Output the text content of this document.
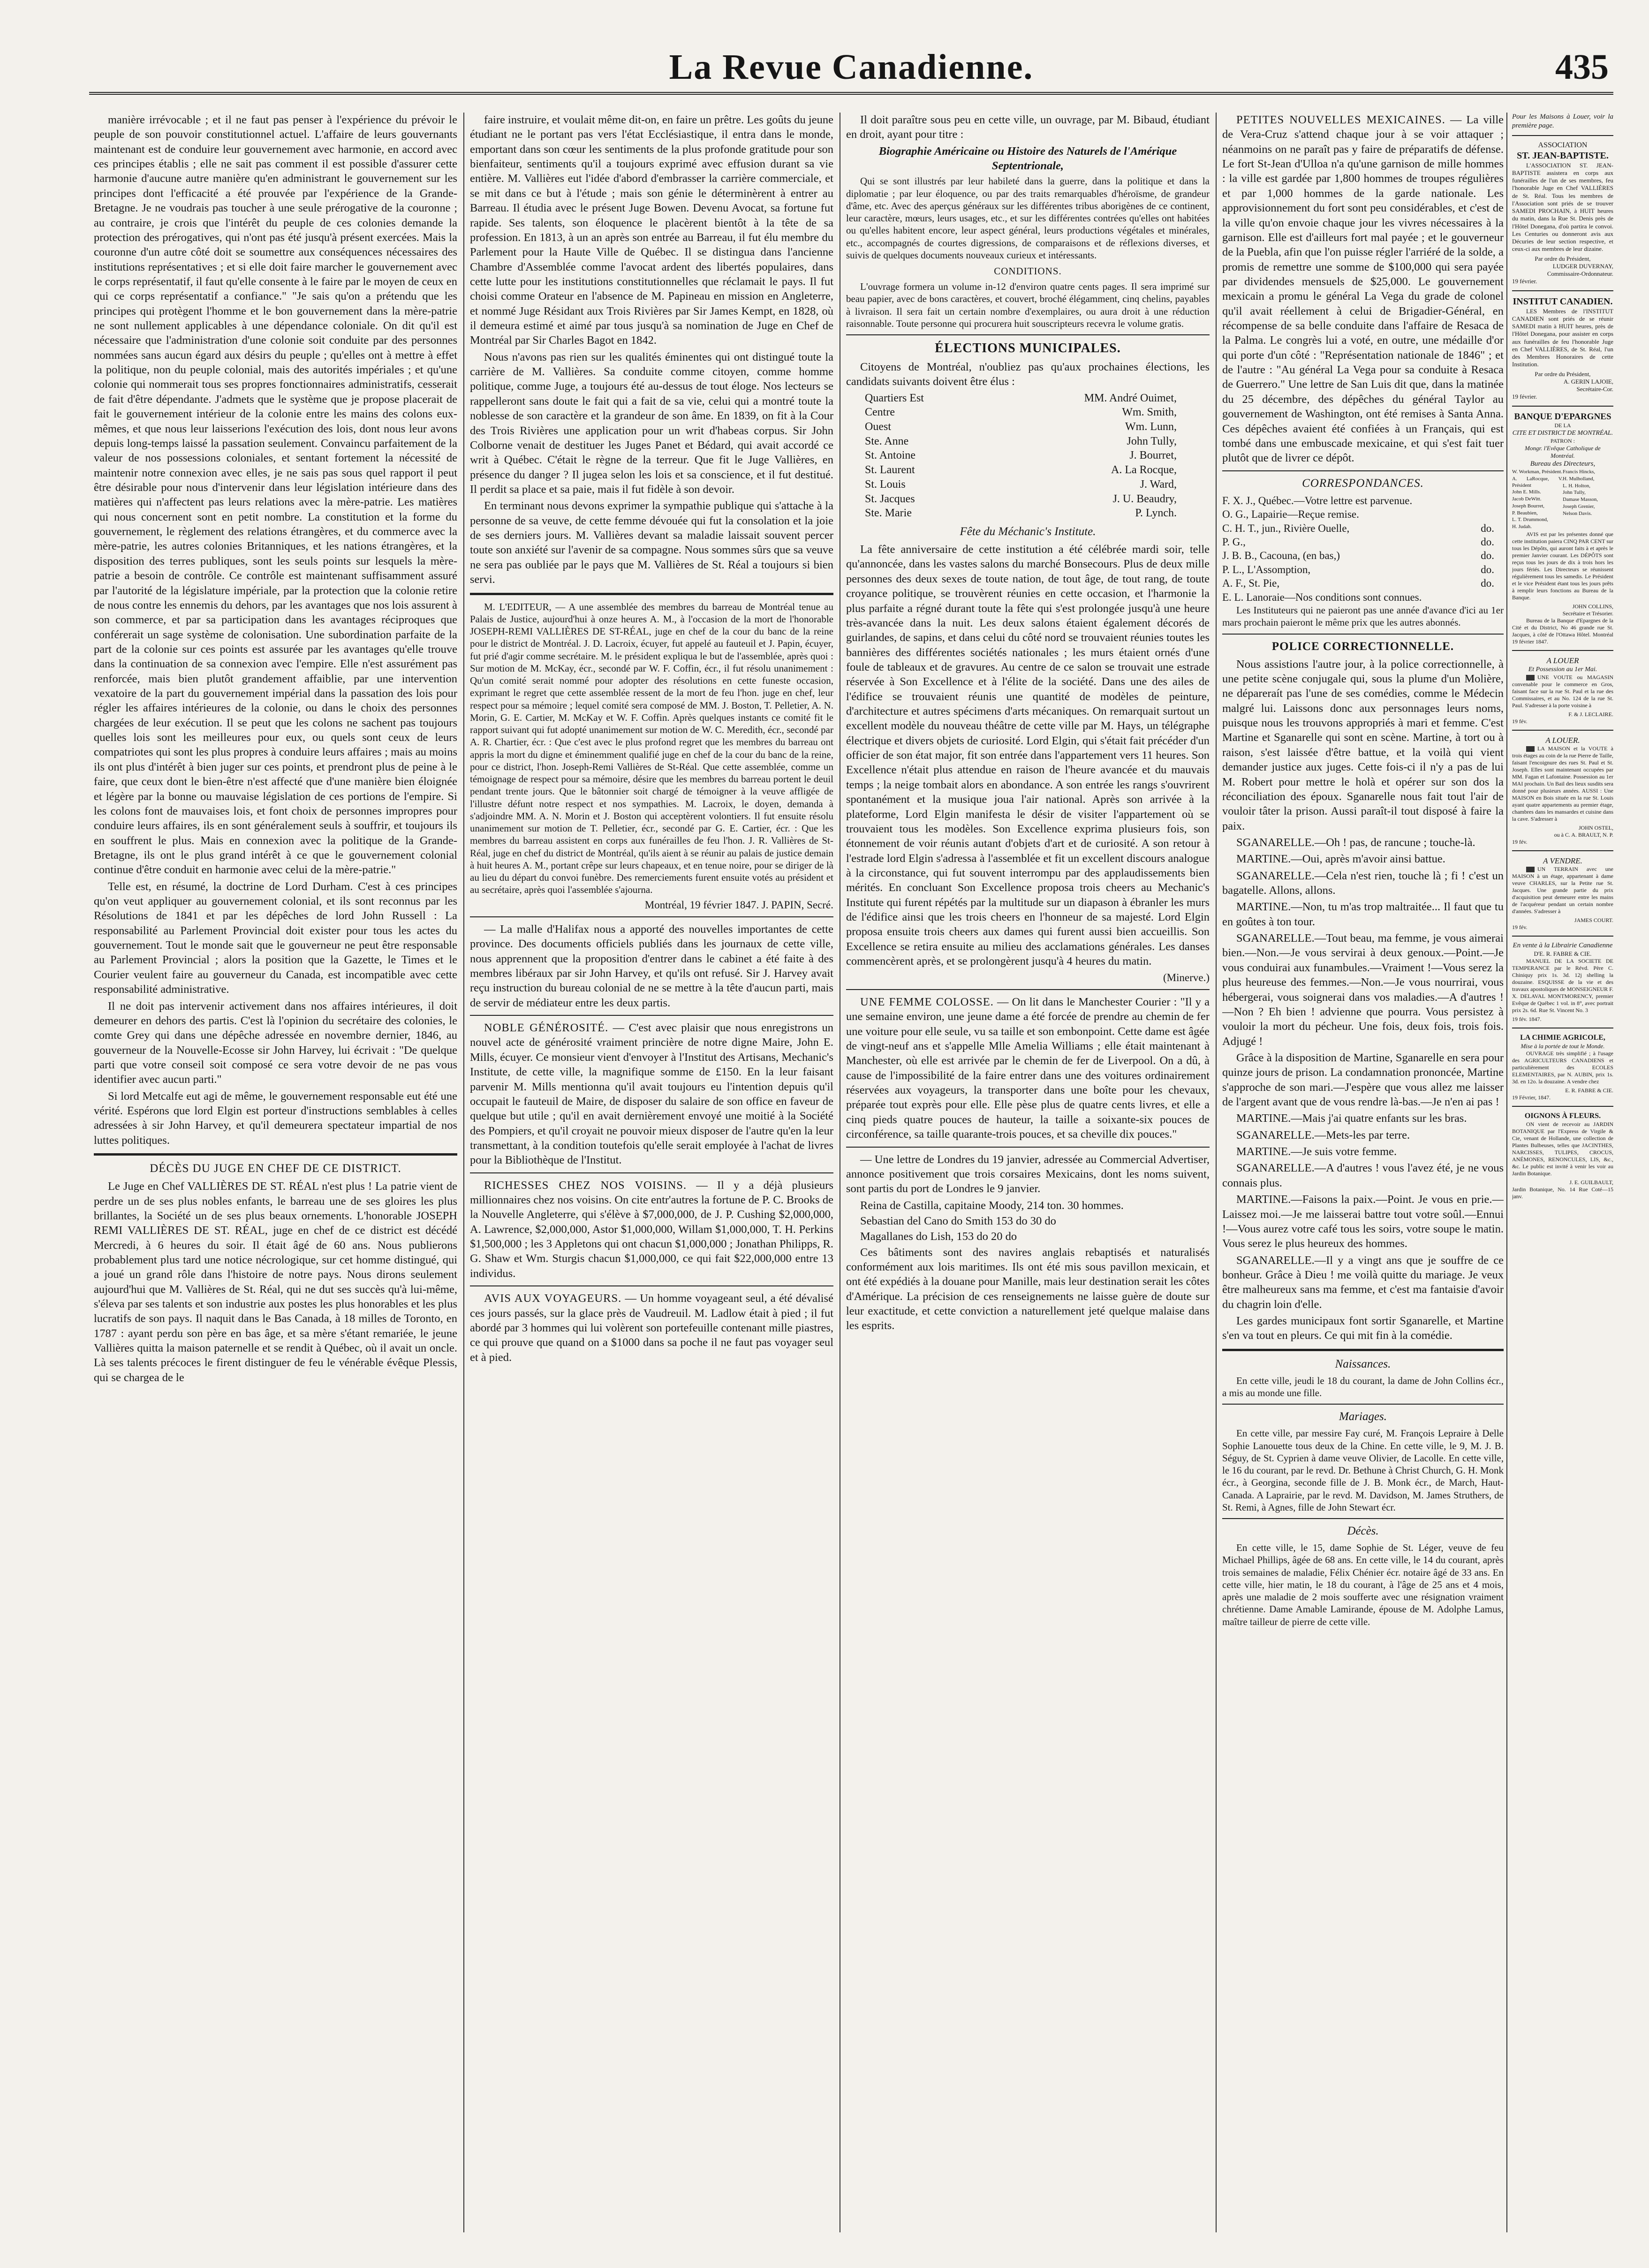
La Revue Canadienne.	435

manière irrévocable ; et il ne faut pas penser à l'expérience du prévoir le peuple de son pouvoir constitutionnel actuel. L'affaire de leurs gouvernants maintenant est de conduire leur gouvernement avec harmonie, en accord avec ces principes établis ; elle ne sait pas comment il est possible d'assurer cette harmonie d'aucune autre manière qu'en administrant le gouvernement sur les principes dont l'efficacité a été prouvée par l'expérience de la Grande-Bretagne. Je ne voudrais pas toucher à une seule prérogative de la couronne ; au contraire, je crois que l'intérêt du peuple de ces colonies demande la protection des prérogatives, qui n'ont pas été jusqu'à présent exercées. Mais la couronne d'un autre côté doit se soumettre aux conséquences nécessaires des institutions représentatives ; et si elle doit faire marcher le gouvernement avec le corps représentatif, il faut qu'elle consente à le faire par le moyen de ceux en qui ce corps représentatif a confiance." "Je sais qu'on a prétendu que les principes qui protègent l'homme et le bon gouvernement dans la mère-patrie ne sont nullement applicables à une dépendance coloniale. On dit qu'il est nécessaire que l'administration d'une colonie soit conduite par des personnes nommées sans aucun égard aux désirs du peuple ; qu'elles ont à mettre à effet la politique, non du peuple colonial, mais des autorités impériales ; et qu'une colonie qui nommerait tous ses propres fonctionnaires administratifs, cesserait de fait d'être dépendante. J'admets que le système que je propose placerait de fait le gouvernement intérieur de la colonie entre les mains des colons eux-mêmes, et que nous leur laisserions l'exécution des lois, dont nous leur avons depuis long-temps laissé la passation seulement. Convaincu parfaitement de la valeur de nos possessions coloniales, et sentant fortement la nécessité de maintenir notre connexion avec elles, je ne sais pas sous quel rapport il peut être désirable pour nous d'intervenir dans leur législation intérieure dans des matières qui n'affectent pas leurs relations avec la mère-patrie. Les matières qui nous concernent sont en petit nombre. La constitution et la forme du gouvernement, le règlement des relations étrangères, et du commerce avec la mère-patrie, les autres colonies Britanniques, et les nations étrangères, et la disposition des terres publiques, sont les seuls points sur lesquels la mère-patrie a besoin de contrôle. Ce contrôle est maintenant suffisamment assuré par l'autorité de la législature impériale, par la protection que la colonie retire de nous contre les ennemis du dehors, par les avantages que nos lois assurent à son commerce, et par sa participation dans les avantages réciproques que conférerait un sage système de colonisation. Une subordination parfaite de la part de la colonie sur ces points est assurée par les avantages qu'elle trouve dans la continuation de sa connexion avec l'empire. Elle n'est assurément pas renforcée, mais bien plutôt grandement affaiblie, par une intervention vexatoire de la part du gouvernement impérial dans la passation des lois pour régler les affaires intérieures de la colonie, ou dans le choix des personnes chargées de leur exécution. Il se peut que les colons ne sachent pas toujours quelles lois sont les meilleures pour eux, ou quels sont ceux de leurs compatriotes qui sont les plus propres à conduire leurs affaires ; mais au moins ils ont plus d'intérêt à bien juger sur ces points, et prendront plus de peine à le faire, que ceux dont le bien-être n'est affecté que d'une manière bien éloignée et légère par la bonne ou mauvaise législation de ces portions de l'empire. Si les colons font de mauvaises lois, et font choix de personnes impropres pour conduire leurs affaires, ils en sont généralement seuls à souffrir, et toujours ils en souffrent le plus. Mais en connexion avec la politique de la Grande-Bretagne, ils ont le plus grand intérêt à ce que le gouvernement colonial continue d'être conduit en harmonie avec celui de la mère-patrie."

Telle est, en résumé, la doctrine de Lord Durham. C'est à ces principes qu'on veut appliquer au gouvernement colonial, et ils sont reconnus par les Résolutions de 1841 et par les dépêches de lord John Russell : La responsabilité au Parlement Provincial doit exister pour tous les actes du gouvernement. Tout le monde sait que le gouverneur ne peut être responsable au Parlement Provincial ; alors la position que la Gazette, le Times et le Courier veulent faire au gouverneur du Canada, est incompatible avec cette responsabilité administrative.

Il ne doit pas intervenir activement dans nos affaires intérieures, il doit demeurer en dehors des partis. C'est là l'opinion du secrétaire des colonies, le comte Grey qui dans une dépêche adressée en novembre dernier, 1846, au gouverneur de la Nouvelle-Ecosse sir John Harvey, lui écrivait : "De quelque parti que votre conseil soit composé ce sera votre devoir de ne pas vous identifier avec aucun parti."

Si lord Metcalfe eut agi de même, le gouvernement responsable eut été une vérité. Espérons que lord Elgin est porteur d'instructions semblables à celles adressées à sir John Harvey, et qu'il demeurera spectateur impartial de nos luttes politiques.

DÉCÈS DU JUGE EN CHEF DE CE DISTRICT.

Le Juge en Chef VALLIÈRES DE ST. RÉAL n'est plus ! La patrie vient de perdre un de ses plus nobles enfants, le barreau une de ses gloires les plus brillantes, la Société un de ses plus beaux ornements. L'honorable JOSEPH REMI VALLIÈRES DE ST. RÉAL, juge en chef de ce district est décédé Mercredi, à 6 heures du soir. Il était âgé de 60 ans. Nous publierons probablement plus tard une notice nécrologique, sur cet homme distingué, qui a joué un grand rôle dans l'histoire de notre pays. Nous dirons seulement aujourd'hui que M. Vallières de St. Réal, qui ne dut ses succès qu'à lui-même, s'éleva par ses talents et son industrie aux postes les plus honorables et les plus lucratifs de son pays. Il naquit dans le Bas Canada, à 18 milles de Toronto, en 1787 : ayant perdu son père en bas âge, et sa mère s'étant remariée, le jeune Vallières quitta la maison paternelle et se rendit à Québec, où il avait un oncle. Là ses talents précoces le firent distinguer de feu le vénérable évêque Plessis, qui se chargea de le

faire instruire, et voulait même dit-on, en faire un prêtre. Les goûts du jeune étudiant ne le portant pas vers l'état Ecclésiastique, il entra dans le monde, emportant dans son cœur les sentiments de la plus profonde gratitude pour son bienfaiteur, sentiments qu'il a toujours exprimé avec effusion durant sa vie entière. M. Vallières eut l'idée d'abord d'embrasser la carrière commerciale, et se mit dans ce but à l'étude ; mais son génie le déterminèrent à entrer au Barreau. Il étudia avec le présent Juge Bowen. Devenu Avocat, sa fortune fut rapide. Ses talents, son éloquence le placèrent bientôt à la tête de sa profession. En 1813, à un an après son entrée au Barreau, il fut élu membre du Parlement pour la Haute Ville de Québec. Il se distingua dans l'ancienne Chambre d'Assemblée comme l'avocat ardent des libertés populaires, dans cette lutte pour les institutions constitutionnelles que réclamait le pays. Il fut choisi comme Orateur en l'absence de M. Papineau en mission en Angleterre, et nommé Juge Résidant aux Trois Rivières par Sir James Kempt, en 1828, où il demeura estimé et aimé par tous jusqu'à sa nomination de Juge en Chef de Montréal par Sir Charles Bagot en 1842.

Nous n'avons pas rien sur les qualités éminentes qui ont distingué toute la carrière de M. Vallières. Sa conduite comme citoyen, comme homme politique, comme Juge, a toujours été au-dessus de tout éloge. Nos lecteurs se rappelleront sans doute le fait qui a fait de sa vie, celui qui a montré toute la noblesse de son caractère et la grandeur de son âme. En 1839, on fit à la Cour des Trois Rivières une application pour un writ d'habeas corpus. Sir John Colborne venait de destituer les Juges Panet et Bédard, qui avait accordé ce writ à Québec. C'était le règne de la terreur. Que fit le Juge Vallières, en présence du danger ? Il jugea selon les lois et sa conscience, et il fut destitué. Il perdit sa place et sa paie, mais il fut fidèle à son devoir.

En terminant nous devons exprimer la sympathie publique qui s'attache à la personne de sa veuve, de cette femme dévouée qui fut la consolation et la joie de ses derniers jours. M. Vallières devant sa maladie laissait souvent percer toute son anxiété sur l'avenir de sa compagne. Nous sommes sûrs que sa veuve ne sera pas oubliée par le pays que M. Vallières de St. Réal a toujours si bien servi.

M. L'EDITEUR, — A une assemblée des membres du barreau de Montréal tenue au Palais de Justice, aujourd'hui à onze heures A. M., à l'occasion de la mort de l'honorable JOSEPH-REMI VALLIÈRES DE ST-RÉAL, juge en chef de la cour du banc de la reine pour le district de Montréal. J. D. Lacroix, écuyer, fut appelé au fauteuil et J. Papin, écuyer, fut prié d'agir comme secrétaire. M. le président expliqua le but de l'assemblée, après quoi : Sur motion de M. McKay, écr., secondé par W. F. Coffin, écr., il fut résolu unanimement : Qu'un comité serait nommé pour adopter des résolutions en cette funeste occasion, exprimant le regret que cette assemblée ressent de la mort de feu l'hon. juge en chef, leur respect pour sa mémoire ; lequel comité sera composé de MM. J. Boston, T. Pelletier, A. N. Morin, G. E. Cartier, M. McKay et W. F. Coffin. Après quelques instants ce comité fit le rapport suivant qui fut adopté unanimement sur motion de W. C. Meredith, écr., secondé par A. R. Chartier, écr. : Que c'est avec le plus profond regret que les membres du barreau ont appris la mort du digne et éminemment qualifié juge en chef de la cour du banc de la reine, pour ce district, l'hon. Joseph-Remi Vallières de St-Réal. Que cette assemblée, comme un témoignage de respect pour sa mémoire, désire que les membres du barreau portent le deuil pendant trente jours. Que le bâtonnier soit chargé de témoigner à la veuve affligée de l'illustre défunt notre respect et nos sympathies. M. Lacroix, le doyen, demanda à s'adjoindre MM. A. N. Morin et J. Boston qui acceptèrent volontiers. Il fut ensuite résolu unanimement sur motion de T. Pelletier, écr., secondé par G. E. Cartier, écr. : Que les membres du barreau assistent en corps aux funérailles de feu l'hon. J. R. Vallières de St-Réal, juge en chef du district de Montréal, qu'ils aient à se réunir au palais de justice demain à huit heures A. M., portant crêpe sur leurs chapeaux, et en tenue noire, pour se diriger de là au lieu du départ du convoi funèbre. Des remerciements furent ensuite votés au président et au secrétaire, après quoi l'assemblée s'ajourna.

Montréal, 19 février 1847. J. PAPIN, Secré.

— La malle d'Halifax nous a apporté des nouvelles importantes de cette province. Des documents officiels publiés dans les journaux de cette ville, nous apprennent que la proposition d'entrer dans le cabinet a été faite à des membres libéraux par sir John Harvey, et qu'ils ont refusé. Sir J. Harvey avait reçu instruction du bureau colonial de ne se mettre à la tête d'aucun parti, mais de servir de médiateur entre les deux partis.

NOBLE GÉNÉROSITÉ. — C'est avec plaisir que nous enregistrons un nouvel acte de générosité vraiment princière de notre digne Maire, John E. Mills, écuyer. Ce monsieur vient d'envoyer à l'Institut des Artisans, Mechanic's Institute, de cette ville, la magnifique somme de £150. En la leur faisant parvenir M. Mills mentionna qu'il avait toujours eu l'intention depuis qu'il occupait le fauteuil de Maire, de disposer du salaire de son office en faveur de quelque but utile ; qu'il en avait dernièrement envoyé une moitié à la Société des Pompiers, et qu'il croyait ne pouvoir mieux disposer de l'autre qu'en la leur transmettant, à la condition toutefois qu'elle serait employée à l'achat de livres pour la Bibliothèque de l'Institut.

RICHESSES CHEZ NOS VOISINS. — Il y a déjà plusieurs millionnaires chez nos voisins. On cite entr'autres la fortune de P. C. Brooks de la Nouvelle Angleterre, qui s'élève à $7,000,000, de J. P. Cushing $2,000,000, A. Lawrence, $2,000,000, Astor $1,000,000, Willam $1,000,000, T. H. Perkins $1,500,000 ; les 3 Appletons qui ont chacun $1,000,000 ; Jonathan Philipps, R. G. Shaw et Wm. Sturgis chacun $1,000,000, ce qui fait $22,000,000 entre 13 individus.

AVIS AUX VOYAGEURS. — Un homme voyageant seul, a été dévalisé ces jours passés, sur la glace près de Vaudreuil. M. Ladlow était à pied ; il fut abordé par 3 hommes qui lui volèrent son portefeuille contenant mille piastres, ce qui prouve que quand on a $1000 dans sa poche il ne faut pas voyager seul et à pied.

Il doit paraître sous peu en cette ville, un ouvrage, par M. Bibaud, étudiant en droit, ayant pour titre :

Biographie Américaine ou Histoire des Naturels de l'Amérique Septentrionale,

Qui se sont illustrés par leur habileté dans la guerre, dans la politique et dans la diplomatie ; par leur éloquence, ou par des traits remarquables d'héroïsme, de grandeur d'âme, etc. Avec des aperçus généraux sur les différentes tribus aborigènes de ce continent, leur caractère, mœurs, leurs usages, etc., et sur les différentes contrées qu'elles ont habitées ou qu'elles habitent encore, leur aspect général, leurs productions végétales et minérales, etc., accompagnés de courtes digressions, de comparaisons et de réflexions diverses, et suivis de quelques documents nouveaux curieux et intéressants.

CONDITIONS.

L'ouvrage formera un volume in-12 d'environ quatre cents pages. Il sera imprimé sur beau papier, avec de bons caractères, et couvert, broché élégamment, cinq chelins, payables à livraison. Il sera fait un certain nombre d'exemplaires, ou aura droit à une réduction raisonnable. Toute personne qui procurera huit souscripteurs recevra le volume gratis.

ÉLECTIONS MUNICIPALES.

Citoyens de Montréal, n'oubliez pas qu'aux prochaines élections, les candidats suivants doivent être élus :

Quartiers Est	MM. André Ouimet,
Centre	Wm. Smith,
Ouest	Wm. Lunn,
Ste. Anne	John Tully,
St. Antoine	J. Bourret,
St. Laurent	A. La Rocque,
St. Louis	J. Ward,
St. Jacques	J. U. Beaudry,
Ste. Marie	P. Lynch.
Fête du Méchanic's Institute.

La fête anniversaire de cette institution a été célébrée mardi soir, telle qu'annoncée, dans les vastes salons du marché Bonsecours. Plus de deux mille personnes des deux sexes de toute nation, de tout âge, de tout rang, de toute croyance politique, se trouvèrent réunies en cette occasion, et l'harmonie la plus parfaite a régné durant toute la fête qui s'est prolongée jusqu'à une heure très-avancée dans la nuit. Les deux salons étaient également décorés de guirlandes, de sapins, et dans celui du côté nord se trouvaient réunies toutes les bannières des différentes sociétés nationales ; les murs étaient ornés d'une foule de tableaux et de gravures. Au centre de ce salon se trouvait une estrade réservée à Son Excellence et à l'élite de la société. Dans une des ailes de l'édifice se trouvaient réunis une quantité de modèles de peinture, d'architecture et autres spécimens d'arts mécaniques. On remarquait surtout un excellent modèle du nouveau théâtre de cette ville par M. Hays, un télégraphe électrique et divers objets de curiosité. Lord Elgin, qui s'était fait précéder d'un officier de son état major, fit son entrée dans l'appartement vers 11 heures. Son Excellence n'était plus attendue en raison de l'heure avancée et du mauvais temps ; la neige tombait alors en abondance. A son entrée les rangs s'ouvrirent spontanément et la musique joua l'air national. Après son arrivée à la plateforme, Lord Elgin manifesta le désir de visiter l'appartement où se trouvaient tous les modèles. Son Excellence exprima plusieurs fois, son étonnement de voir réunis autant d'objets d'art et de curiosité. A son retour à l'estrade lord Elgin s'adressa à l'assemblée et fit un excellent discours analogue à la circonstance, qui fut souvent interrompu par des applaudissements bien mérités. En concluant Son Excellence proposa trois cheers au Mechanic's Institute qui furent répétés par la multitude sur un diapason à ébranler les murs de l'édifice ainsi que les trois cheers en l'honneur de sa majesté. Lord Elgin proposa ensuite trois cheers aux dames qui furent aussi bien accueillis. Son Excellence se retira ensuite au milieu des acclamations générales. Les danses commencèrent après, et se prolongèrent jusqu'à 4 heures du matin.

(Minerve.)

UNE FEMME COLOSSE. — On lit dans le Manchester Courier : "Il y a une semaine environ, une jeune dame a été forcée de prendre au chemin de fer une voiture pour elle seule, vu sa taille et son embonpoint. Cette dame est âgée de vingt-neuf ans et s'appelle Mlle Amelia Williams ; elle était maintenant à Manchester, où elle est arrivée par le chemin de fer de Liverpool. On a dû, à cause de l'impossibilité de la faire entrer dans une des voitures ordinairement réservées aux voyageurs, la transporter dans une boîte pour les chevaux, préparée tout exprès pour elle. Elle pèse plus de quatre cents livres, et elle a cinq pieds quatre pouces de hauteur, la taille a soixante-six pouces de circonférence, sa taille quarante-trois pouces, et sa cheville dix pouces."

— Une lettre de Londres du 19 janvier, adressée au Commercial Advertiser, annonce positivement que trois corsaires Mexicains, dont les noms suivent, sont partis du port de Londres le 9 janvier.

Reina de Castilla, capitaine Moody, 214 ton. 30 hommes.
Sebastian del Cano do Smith 153 do 30 do
Magallanes do Lish, 153 do 20 do

Ces bâtiments sont des navires anglais rebaptisés et naturalisés conformément aux lois maritimes. Ils ont été mis sous pavillon mexicain, et ont été expédiés à la douane pour Manille, mais leur destination serait les côtes d'Amérique. La précision de ces renseignements ne laisse guère de doute sur leur exactitude, et cette conviction a naturellement jeté quelque malaise dans les esprits.

PETITES NOUVELLES MEXICAINES. — La ville de Vera-Cruz s'attend chaque jour à se voir attaquer ; néanmoins on ne paraît pas y faire de préparatifs de défense. Le fort St-Jean d'Ulloa n'a qu'une garnison de mille hommes : la ville est gardée par 1,800 hommes de troupes régulières et par 1,000 hommes de la garde nationale. Les approvisionnement du fort sont peu considérables, et c'est de la ville qu'on envoie chaque jour les vivres nécessaires à la garnison. Elle est d'ailleurs fort mal payée ; et le gouverneur de la Puebla, afin que l'on puisse régler l'arriéré de la solde, a promis de remettre une somme de $100,000 qui sera payée par dividendes mensuels de $25,000. Le gouvernement mexicain a promu le général La Vega du grade de colonel qu'il avait réellement à celui de Brigadier-Général, en récompense de sa belle conduite dans l'affaire de Resaca de la Palma. Le congrès lui a voté, en outre, une médaille d'or qui porte d'un côté : "Représentation nationale de 1846" ; et de l'autre : "Au général La Vega pour sa conduite à Resaca de Guerrero." Une lettre de San Luis dit que, dans la matinée du 25 décembre, des dépêches du général Taylor au gouvernement de Washington, ont été remises à Santa Anna. Ces dépêches avaient été confiées à un Français, qui est tombé dans une embuscade mexicaine, et qui s'est fait tuer plutôt que de livrer ce dépôt.

CORRESPONDANCES.
F. X. J., Québec.—Votre lettre est parvenue.
O. G., Lapairie—Reçue remise.
C. H. T., jun., Rivière Ouelle,	do.
P. G.,	do.
J. B. B., Cacouna, (en bas,)	do.
P. L., L'Assomption,	do.
A. F., St. Pie,	do.
E. L. Lanoraie—Nos conditions sont connues.

Les Instituteurs qui ne paieront pas une année d'avance d'ici au 1er mars prochain paieront le même prix que les autres abonnés.

POLICE CORRECTIONNELLE.

Nous assistions l'autre jour, à la police correctionnelle, à une petite scène conjugale qui, sous la plume d'un Molière, ne dépareraít pas l'une de ses comédies, comme le Médecin malgré lui. Laissons donc aux personnages leurs noms, puisque nous les trouvons appropriés à mari et femme. C'est Martine et Sganarelle qui sont en scène. Martine, à tort ou à raison, s'est laissée d'être battue, et la voilà qui vient demander justice aux juges. Cette fois-ci il n'y a pas de lui M. Robert pour mettre le holà et opérer sur son dos la réconciliation des époux. Sganarelle nous fait tout l'air de vouloir tâter la prison. Aussi paraît-il tout disposé à faire la paix.

SGANARELLE.—Oh ! pas, de rancune ; touche-là.

MARTINE.—Oui, après m'avoir ainsi battue.

SGANARELLE.—Cela n'est rien, touche là ; fi ! c'est un bagatelle. Allons, allons.

MARTINE.—Non, tu m'as trop maltraitée... Il faut que tu en goûtes à ton tour.

SGANARELLE.—Tout beau, ma femme, je vous aimerai bien.—Non.—Je vous servirai à deux genoux.—Point.—Je vous conduirai aux funambules.—Vraiment !—Vous serez la plus heureuse des femmes.—Non.—Je vous nourrirai, vous hébergerai, vous soignerai dans vos maladies.—A d'autres !—Non ? Eh bien ! advienne que pourra. Vous persistez à vouloir la mort du pécheur. Une fois, deux fois, trois fois. Adjugé !

Grâce à la disposition de Martine, Sganarelle en sera pour quinze jours de prison. La condamnation prononcée, Martine s'approche de son mari.—J'espère que vous allez me laisser de l'argent avant que de vous rendre là-bas.—Je n'en ai pas !

MARTINE.—Mais j'ai quatre enfants sur les bras.

SGANARELLE.—Mets-les par terre.

MARTINE.—Je suis votre femme.

SGANARELLE.—A d'autres ! vous l'avez été, je ne vous connais plus.

MARTINE.—Faisons la paix.—Point. Je vous en prie.—Laissez moi.—Je me laisserai battre tout votre soûl.—Ennui !—Vous aurez votre café tous les soirs, votre soupe le matin. Vous serez le plus heureux des hommes.

SGANARELLE.—Il y a vingt ans que je souffre de ce bonheur. Grâce à Dieu ! me voilà quitte du mariage. Je veux être malheureux sans ma femme, et c'est ma fantaisie d'avoir du chagrin loin d'elle.

Les gardes municipaux font sortir Sganarelle, et Martine s'en va tout en pleurs. Ce qui mit fin à la comédie.

Naissances.

En cette ville, jeudi le 18 du courant, la dame de John Collins écr., a mis au monde une fille.

Mariages.

En cette ville, par messire Fay curé, M. François Lepraire à Delle Sophie Lanouette tous deux de la Chine. En cette ville, le 9, M. J. B. Séguy, de St. Cyprien à dame veuve Olivier, de Lacolle. En cette ville, le 16 du courant, par le revd. Dr. Bethune à Christ Church, G. H. Monk écr., à Georgina, seconde fille de J. B. Monk écr., de March, Haut-Canada. A Laprairie, par le revd. M. Davidson, M. James Struthers, de St. Remi, à Agnes, fille de John Stewart écr.

Décès.

En cette ville, le 15, dame Sophie de St. Léger, veuve de feu Michael Phillips, âgée de 68 ans. En cette ville, le 14 du courant, après trois semaines de maladie, Félix Chénier écr. notaire âgé de 33 ans. En cette ville, hier matin, le 18 du courant, à l'âge de 25 ans et 4 mois, après une maladie de 2 mois soufferte avec une résignation vraiment chrétienne. Dame Amable Lamirande, épouse de M. Adolphe Lamus, maître tailleur de pierre de cette ville.

Pour les Maisons à Louer, voir la première page.

ASSOCIATION
ST. JEAN-BAPTISTE.

L'ASSOCIATION ST. JEAN-BAPTISTE assistera en corps aux funérailles de l'un de ses membres, feu l'honorable Juge en Chef VALLIÈRES de St. Réal. Tous les membres de l'Association sont priés de se trouver SAMEDI PROCHAIN, à HUIT heures du matin, dans la Rue St. Denis près de l'Hôtel Donegana, d'où partira le convoi. Les Centuries ou donneront avis aux Décuries de leur section respective, et ceux-ci aux membres de leur dizaine.

Par ordre du Président,
LUDGER DUVERNAY,
Commissaire-Ordonnateur.
19 février.
INSTITUT CANADIEN.

LES Membres de l'INSTITUT CANADIEN sont priés de se réunir SAMEDI matin à HUIT heures, près de l'Hôtel Donegana, pour assister en corps aux funérailles de feu l'honorable Juge en Chef VALLIÈRES, de St. Réal, l'un des Membres Honoraires de cette Institution.

Par ordre du Président,
A. GERIN LAJOIE,
Secrétaire-Cor.
19 février.
BANQUE D'EPARGNES
DE LA
CITE ET DISTRICT DE MONTRÉAL.
PATRON :
Mongr. l'Evêque Catholique de Montréal.
Bureau des Directeurs,
W. Workman, Président.
A. LaRocque, V. Président
John E. Mills.
Jacob DeWitt.
Joseph Bourret,
P. Beaubien,
L. T. Drummond,
H. Judah.
Francis Hincks,
H. Mulholland,
L. H. Holton,
John Tully,
Damase Masson,
Joseph Grenier,
Nelson Davis.

AVIS est par les présentes donné que cette institution paiera CINQ PAR CENT sur tous les Dépôts, qui auront faits à et après le premier Janvier courant. Les DÉPÔTS sont reçus tous les jours de dix à trois hors les jours fériés. Les Directeurs se réunissent régulièrement tous les samedis. Le Président et le vice Président étant tous les jours prêts à remplir leurs fonctions au Bureau de la Banque.

JOHN COLLINS,
Secrétaire et Trésorier.

Bureau de la Banque d'Epargnes de la Cité et du District, No 46 grande rue St. Jacques, à côté de l'Ottawa Hôtel. Montréal 19 février 1847.

A LOUER
Et Possession au 1er Mai.

UNE VOUTE ou MAGASIN convenable pour le commerce en Gros, faisant face sur la rue St. Paul et la rue des Commissaires, et au No. 124 de la rue St. Paul. S'adresser à la porte voisine à

F. & J. LECLAIRE.
19 fév.
A LOUER.

LA MAISON et la VOUTE à trois étages au coin de la rue Pierre de Taille, faisant l'encoignure des rues St. Paul et St. Joseph. Elles sont maintenant occupées par MM. Fagan et Lafontaine. Possession au 1er MAI prochain. Un Bail des lieux susdits sera donné pour plusieurs années. AUSSI : Une MAISON en Bois située en la rue St. Louis ayant quatre appartements au premier étage, chambres dans les mansardes et cuisine dans la cave. S'adresser à

JOHN OSTEL,
ou à C. A. BRAULT, N. P.
19 fév.
A VENDRE.

UN TERRAIN avec une MAISON à un étage, appartenant à dame veuve CHARLES, sur la Petite rue St. Jacques. Une grande partie du prix d'acquisition peut demeurer entre les mains de l'acquéreur pendant un certain nombre d'années. S'adresser à

JAMES COURT.
19 fév.
En vente à la Librairie Canadienne
D'E. R. FABRE & CIE.

MANUEL DE LA SOCIETE DE TEMPERANCE par le Révd. Père C. Chiniquy prix 1s. 3d. 12j shelling la douzaine. ESQUISSE de la vie et des travaux apostoliques de MONSEIGNEUR F. X. DELAVAL MONTMORENCY, premier Evêque de Québec 1 vol. in 8°, avec portrait prix 2s. 6d. Rue St. Vincent No. 3

19 fév. 1847.
LA CHIMIE AGRICOLE,
Mise à la portée de tout le Monde.

OUVRAGE très simplifié ; à l'usage des AGRICULTEURS CANADIENS et particulièrement des ECOLES ELEMENTAIRES, par N. AUBIN, prix 1s. 3d. en 12o. la douzaine. A vendre chez

E. R. FABRE & CIE.
19 Février, 1847.
OIGNONS À FLEURS.

ON vient de recevoir au JARDIN BOTANIQUE par l'Express de Virgile & Cie, venant de Hollande, une collection de Plantes Bulbeuses, telles que JACINTHES, NARCISSES, TULIPES, CROCUS, ANÉMONES, RENONCULES, LIS, &c., &c. Le public est invité à venir les voir au Jardin Botanique.

J. E. GUILBAULT,
Jardin Botanique, No. 14 Rue Coté—15 janv.
